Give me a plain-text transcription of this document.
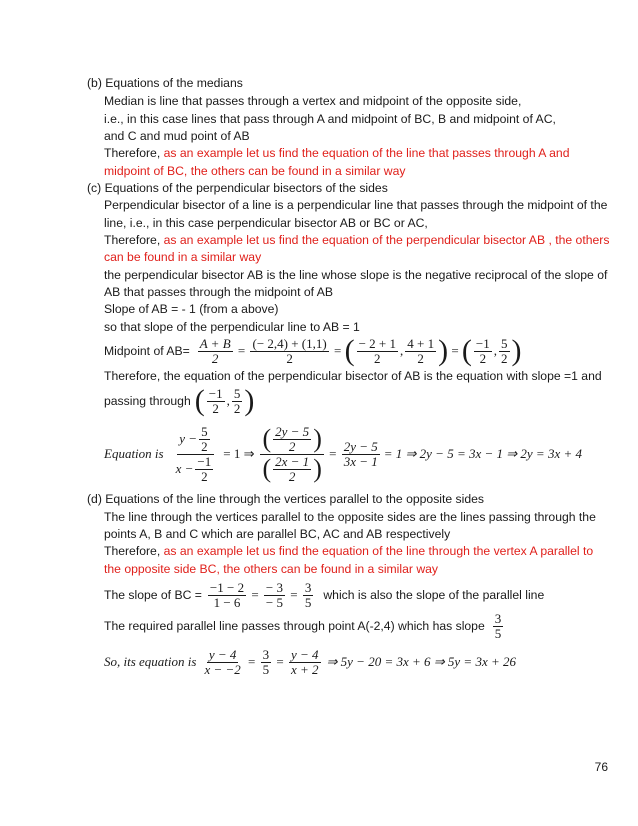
(b) Equations of the medians
Median is line that passes through a vertex and midpoint of the opposite side,
i.e., in this case lines that pass through A and midpoint of BC, B and midpoint of AC,
and C and mud point of AB
Therefore, as an example let us find the equation of the line that passes through A and
midpoint of BC, the others can be found in a similar way
(c) Equations of the perpendicular bisectors of the sides
Perpendicular bisector of a line is a perpendicular line that passes through the midpoint of the
line, i.e., in this case perpendicular bisector AB or BC or AC,
Therefore, as an example let us find the equation of the perpendicular bisector AB , the others
can be found in a similar way
the perpendicular bisector AB is the line whose slope is the negative reciprocal of the slope of
AB that passes through the midpoint of AB
Slope of AB = - 1 (from a above)
so that slope of the perpendicular line to AB = 1
Midpoint of $AB= \frac{A + B}{2} = \frac{(- 2,4) + (1,1)}{2}$ = ( $\frac{- 2 + 1}{2}$ , $\frac{4 + 1}{2}$ ) = ( $\frac{-1}{2}$ , $\frac{5}{2}$ )
Therefore, the equation of the perpendicular bisector of AB is the equation with slope =1 and
passing through ( $\frac{-1}{2}$ , $\frac{5}{2}$ )
Equation is $\frac{y - \frac{5}{2}}{x - \frac{-1}{2}} = 1$ ⇒ $\frac{( \frac{2y - 5}{2} )}{( \frac{2x - 1}{2} )} = \frac{2y - 5}{3x - 1} = 1$ ⇒ 2y − 5 = 3x − 1 ⇒ 2y = 3x + 4
(d) Equations of the line through the vertices parallel to the opposite sides
The line through the vertices parallel to the opposite sides are the lines passing through the
points A, B and C which are parallel BC, AC and AB respectively
Therefore, as an example let us find the equation of the line through the vertex A parallel to
the opposite side BC, the others can be found in a similar way
The slope of BC = $\frac{-1 - 2}{1 - 6} = \frac{- 3}{- 5} = \frac{3}{5}$ which is also the slope of the parallel line
The required parallel line passes through point A(-2,4) which has slope $\frac{3}{5}$
So, its equation is $\frac{y - 4}{x - -2} = \frac{3}{5} = \frac{y - 4}{x + 2}$ ⇒ 5y − 20 = 3x + 6 ⇒ 5y = 3x + 26
76
